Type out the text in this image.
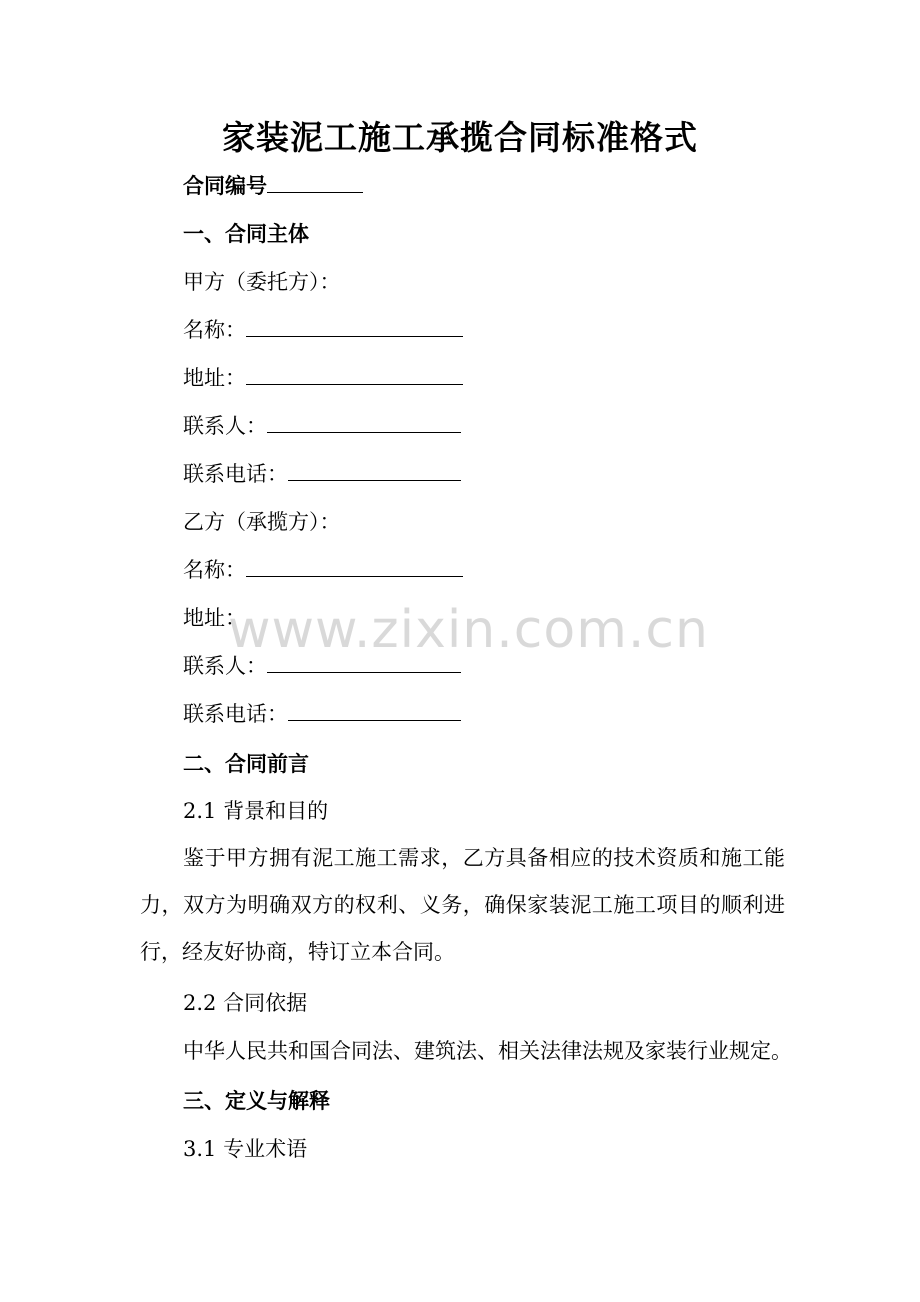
家装泥工施工承揽合同标准格式
合同编号
一、合同主体
甲方（委托方）：
名称：
地址：
联系人：
联系电话：
乙方（承揽方）：
名称：
地址：
联系人：
联系电话：
二、合同前言
2.1 背景和目的
鉴于甲方拥有泥工施工需求，乙方具备相应的技术资质和施工能力，双方为明确双方的权利、义务，确保家装泥工施工项目的顺利进行，经友好协商，特订立本合同。
2.2 合同依据
中华人民共和国合同法、建筑法、相关法律法规及家装行业规定。
三、定义与解释
3.1 专业术语
www.zixin.com.cn
